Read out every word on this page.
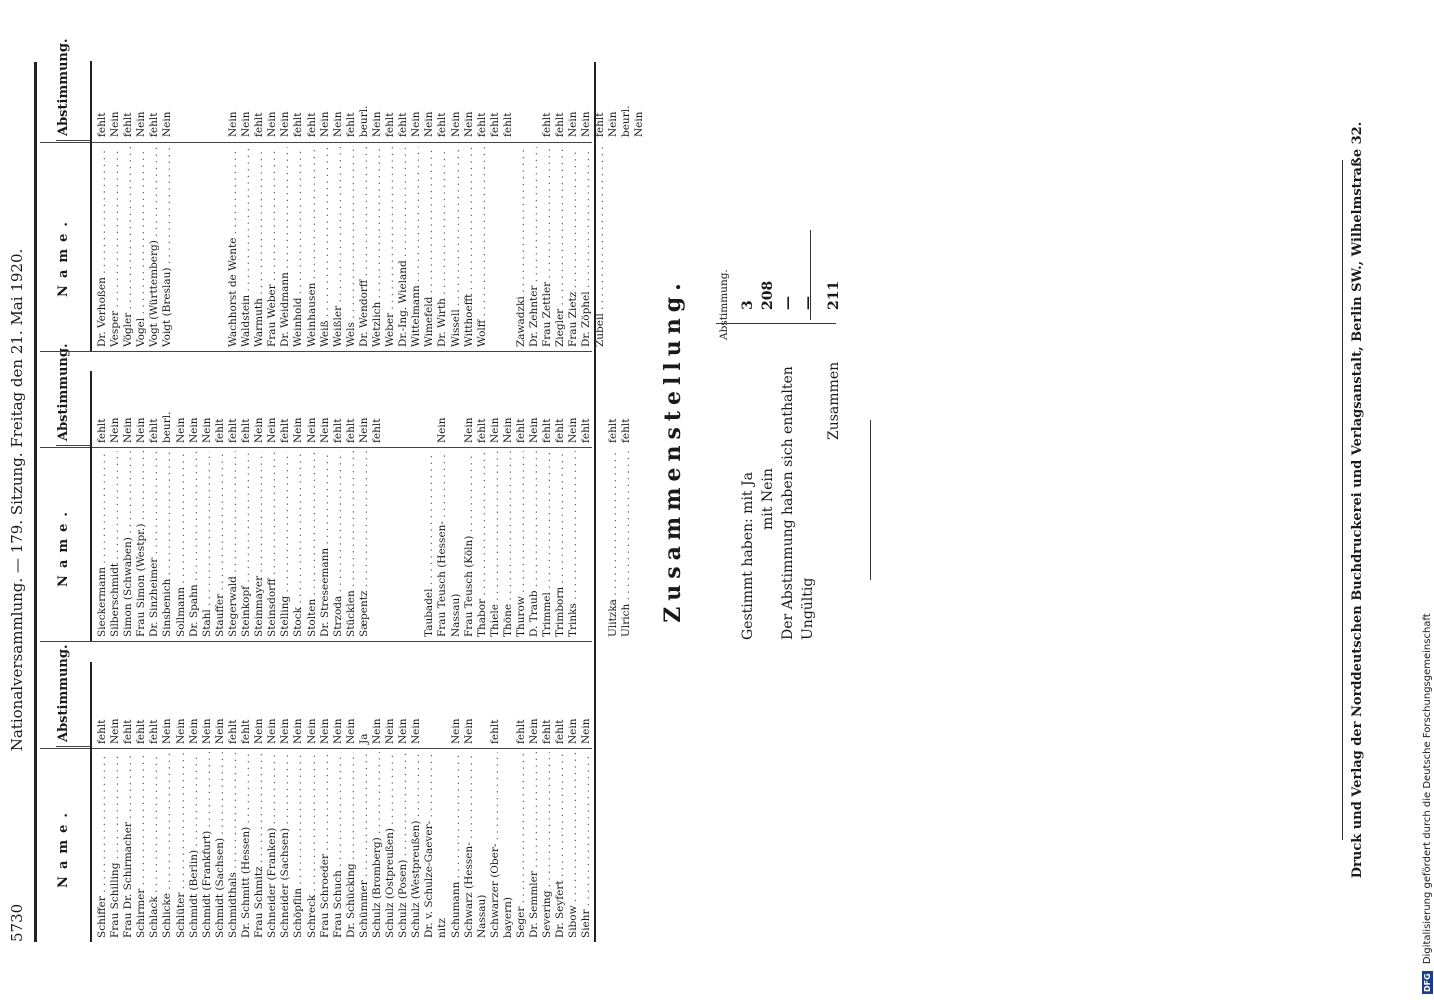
5730
Nationalversammlung. — 179. Sitzung. Freitag den 21. Mai 1920.
Name.
Abstimmung.
Schiffer . . .
fehlt
Frau Schilling . . .
Nein
Frau Dr. Schirmacher . . .
fehlt
Schirmer . . .
fehlt
Schlack . . .
fehlt
Schlicke . . .
Nein
Schlüter . . .
Nein
Schmidt (Berlin) . . .
Nein
Schmidt (Frankfurt) . . .
Nein
Schmidt (Sachsen) . . .
Nein
Schmidthals . . .
fehlt
Dr. Schmitt (Hessen) . . .
fehlt
Frau Schmitz . . .
Nein
Schneider (Franken) . . .
Nein
Schneider (Sachsen) . . .
Nein
Schöpflin . . .
Nein
Schreck . . .
Nein
Frau Schroeder . . .
Nein
Frau Schuch . . .
Nein
Dr. Schücking . . .
Nein
Schümmer . . .
Ja
Schulz (Bromberg) . . .
Nein
Schulz (Ostpreußen) . . .
Nein
Schulz (Posen) . . .
Nein
Schulz (Westpreußen) . . .
Nein
Dr. v. Schulze-Gaever- . . . nitz Schumann . . .
Nein
Schwarz (Hessen- . . .
Nein
Nassau) Schwarzer (Ober- . . .
fehlt
bayern) Seger . . .
fehlt
Dr. Semmler . . .
Nein
Severing . . .
fehlt
Dr. Seyfert . . .
fehlt
Sibow . . .
Nein
Siehr . . .
Nein
Name.
Abstimmung.
Sieckermann . . .
fehlt
Silberschmidt . . .
Nein
Simon (Schwaben) . . .
Nein
Frau Simon (Westpr.) . . .
Nein
Dr. Sinzheimer . . .
fehlt
Sinsbenich . . .
beurl.
Sollmann . . .
Nein
Dr. Spahn . . .
Nein
Stahl . . .
Nein
Stauffer . . .
fehlt
Stegerwald . . .
fehlt
Steinkopf . . .
fehlt
Steinmayer . . .
Nein
Steinsdorff . . .
Nein
Stelling . . .
fehlt
Stock . . .
Nein
Stolten . . .
Nein
Dr. Streseemann . . .
Nein
Strzoda . . .
fehlt
Stücklen . . .
fehlt
Sæpentz . . .
Nein fehlt
Taubadel . . . Frau Teusch (Hessen- . . .
Nein
Nassau) Frau Teusch (Köln) . . .
Nein
Thabor . . .
fehlt
Thiele . . .
Nein
Thöne . . .
Nein
Thurow . . .
fehlt
D. Traub . . .
Nein
Trimmel . . .
fehlt
Trimborn . . .
fehlt
Trinks . . .
Nein fehlt
Ulitzka . . .
fehlt
Ulrich . . .
fehlt
Name.
Abstimmung.
Dr. Verhoßen . . .
fehlt
Vesper . . .
Nein
Vögler . . .
fehlt
Vogel . . .
Nein
Vogt (Württemberg) . . .
fehlt
Voigt (Breslau) . . .
Nein
Wachhorst de Wente . . .
Nein
Waldstein . . .
Nein
Warmuth . . .
fehlt
Frau Weber . . .
Nein
Dr. Weidmann . . .
Nein
Weinhold . . .
fehlt
Weinhausen . . .
fehlt
Weiß . . .
Nein
Weißler . . .
Nein
Wels . . .
fehlt
Dr. Wendorff . . .
beurl.
Wetzlich . . .
Nein
Weber . . .
fehlt
Dr.-Ing. Wieland . . .
fehlt
Wittelmann . . .
Nein
Wimefeld . . .
Nein
Dr. Wirth . . .
fehlt
Wissell . . .
Nein
Witthoefft . . .
Nein
Wolff . . .
fehlt fehlt fehlt
Zawadzki . . . Dr. Zehnter . . . Frau Zettler . . .
fehlt
Ziegler . . .
fehlt
Frau Zietz . . .
Nein
Dr. Zöphel . . .
Nein
Zubeil . . .
fehlt Nein beurl. Nein
Zusammenstellung.	Abstimmung.
Gestimmt haben: mit Ja
3
mit Nein
208
Der Abstimmung haben sich enthalten
—
Ungültig
—
Zusammen
211	Druck und Verlag der Norddeutschen Buchdruckerei und Verlagsanstalt, Berlin SW., Wilhelmstraße 32.
DFG Digitalisierung gefördert durch die Deutsche Forschungsgemeinschaft
